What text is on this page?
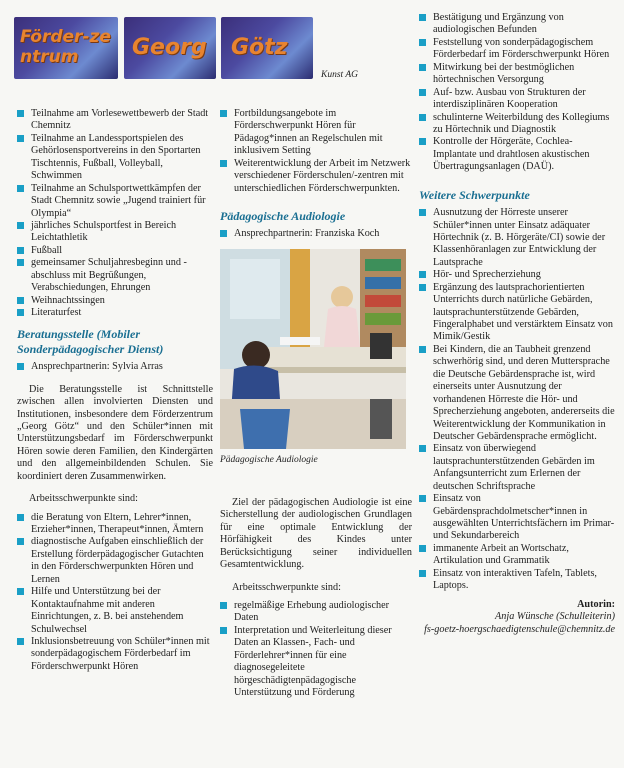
Förder-zentrum	Georg Götz
Kunst AG
Teilnahme am Vorlesewettbewerb der Stadt Chemnitz
Teilnahme an Landessportspielen des Gehörlosensportvereins in den Sportarten Tischtennis, Fußball, Volleyball, Schwimmen
Teilnahme an Schulsportwettkämpfen der Stadt Chemnitz sowie „Jugend trainiert für Olympia“
jährliches Schulsportfest in Bereich Leichtathletik
Fußball
gemeinsamer Schuljahresbeginn und -abschluss mit Begrüßungen, Verabschiedungen, Ehrungen
Weihnachtssingen
Literaturfest
Beratungsstelle (Mobiler Sonderpädagogischer Dienst)
Ansprechpartnerin: Sylvia Arras

Die Beratungsstelle ist Schnittstelle zwischen allen involvierten Diensten und Institutionen, insbesondere dem Förderzentrum „Georg Götz“ und den Schüler*innen mit Unterstützungsbedarf im Förderschwerpunkt Hören sowie deren Familien, den Kindergärten und den allgemeinbildenden Schulen. Sie koordiniert deren Zusammenwirken.

Arbeitsschwerpunkte sind:

die Beratung von Eltern, Lehrer*innen, Erzieher*innen, Therapeut*innen, Ämtern
diagnostische Aufgaben einschließlich der Erstellung förderpädagogischer Gutachten in den Förderschwerpunkten Hören und Lernen
Hilfe und Unterstützung bei der Kontaktaufnahme mit anderen Einrichtungen, z. B. bei anstehendem Schulwechsel
Inklusionsbetreuung von Schüler*innen mit sonderpädagogischem Förderbedarf im Förderschwerpunkt Hören
Fortbildungsangebote im Förderschwerpunkt Hören für Pädagog*innen an Regelschulen mit inklusivem Setting
Weiterentwicklung der Arbeit im Netzwerk verschiedener Förderschulen/-zentren mit unterschiedlichen Förderschwerpunkten.
Pädagogische Audiologie
Ansprechpartnerin: Franziska Koch
Pädagogische Audiologie

Ziel der pädagogischen Audiologie ist eine Sicherstellung der audiologischen Grundlagen für eine optimale Entwicklung der Hörfähigkeit des Kindes unter Berücksichtigung seiner individuellen Gesamtentwicklung.

Arbeitsschwerpunkte sind:

regelmäßige Erhebung audiologischer Daten
Interpretation und Weiterleitung dieser Daten an Klassen-, Fach- und Förderlehrer*innen für eine diagnosegeleitete hörgeschädigtenpädagogische Unterstützung und Förderung
Bestätigung und Ergänzung von audiologischen Befunden
Feststellung von sonderpädagogischem Förderbedarf im Förderschwerpunkt Hören
Mitwirkung bei der bestmöglichen hörtechnischen Versorgung
Auf- bzw. Ausbau von Strukturen der interdisziplinären Kooperation
schulinterne Weiterbildung des Kollegiums zu Hörtechnik und Diagnostik
Kontrolle der Hörgeräte, Cochlea-Implantate und drahtlosen akustischen Übertragungsanlagen (DAÜ).
Weitere Schwerpunkte
Ausnutzung der Hörreste unserer Schüler*innen unter Einsatz adäquater Hörtechnik (z. B. Hörgeräte/CI) sowie der Klassenhöranlagen zur Entwicklung der Lautsprache
Hör- und Sprecherziehung
Ergänzung des lautsprachorientierten Unterrichts durch natürliche Gebärden, lautsprachunterstützende Gebärden, Fingeralphabet und verstärktem Einsatz von Mimik/Gestik
Bei Kindern, die an Taubheit grenzend schwerhörig sind, und deren Muttersprache die Deutsche Gebärdensprache ist, wird einerseits unter Ausnutzung der vorhandenen Hörreste die Hör- und Sprecherziehung angeboten, andererseits die Weiterentwicklung der Kommunikation in Deutscher Gebärdensprache ermöglicht.
Einsatz von überwiegend lautsprachunterstützenden Gebärden im Anfangsunterricht zum Erlernen der deutschen Schriftsprache
Einsatz von Gebärdensprachdolmetscher*innen in ausgewählten Unterrichtsfächern im Primar- und Sekundarbereich
immanente Arbeit an Wortschatz, Artikulation und Grammatik
Einsatz von interaktiven Tafeln, Tablets, Laptops.
Autorin:
Anja Wünsche (Schulleiterin)
fs-goetz-hoergschaedigtenschule@chemnitz.de
